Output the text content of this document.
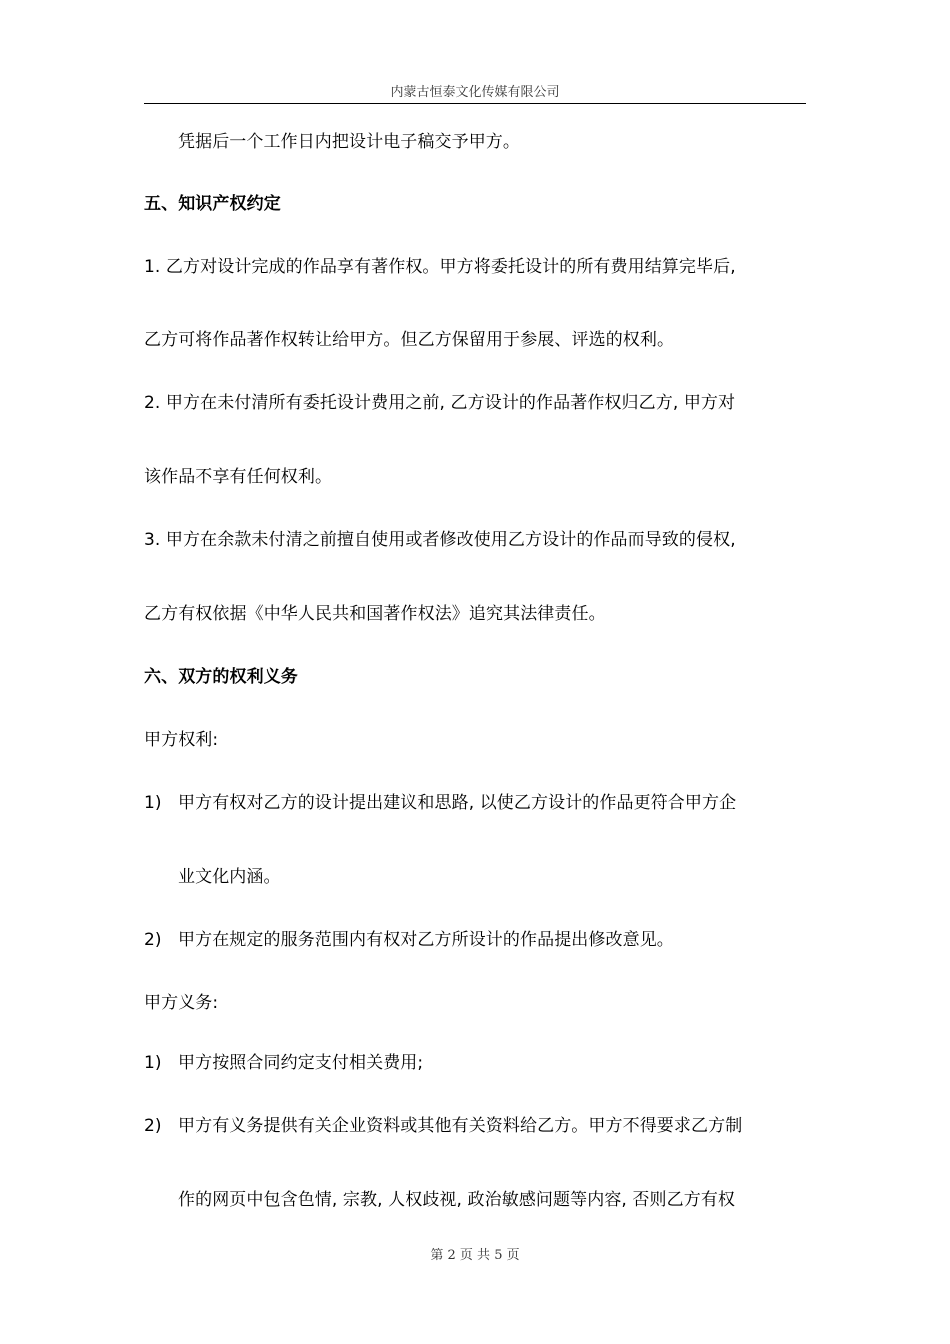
内蒙古恒泰文化传媒有限公司
凭据后一个工作日内把设计电子稿交予甲方。
五、知识产权约定
1. 乙方对设计完成的作品享有著作权。甲方将委托设计的所有费用结算完毕后,
乙方可将作品著作权转让给甲方。但乙方保留用于参展、评选的权利。
2. 甲方在未付清所有委托设计费用之前, 乙方设计的作品著作权归乙方, 甲方对
该作品不享有任何权利。
3. 甲方在余款未付清之前擅自使用或者修改使用乙方设计的作品而导致的侵权,
乙方有权依据《中华人民共和国著作权法》追究其法律责任。
六、双方的权利义务
甲方权利:
1) 甲方有权对乙方的设计提出建议和思路, 以使乙方设计的作品更符合甲方企
业文化内涵。
2) 甲方在规定的服务范围内有权对乙方所设计的作品提出修改意见。
甲方义务:
1) 甲方按照合同约定支付相关费用;
2) 甲方有义务提供有关企业资料或其他有关资料给乙方。甲方不得要求乙方制
作的网页中包含色情, 宗教, 人权歧视, 政治敏感问题等内容, 否则乙方有权
第 2 页 共 5 页
